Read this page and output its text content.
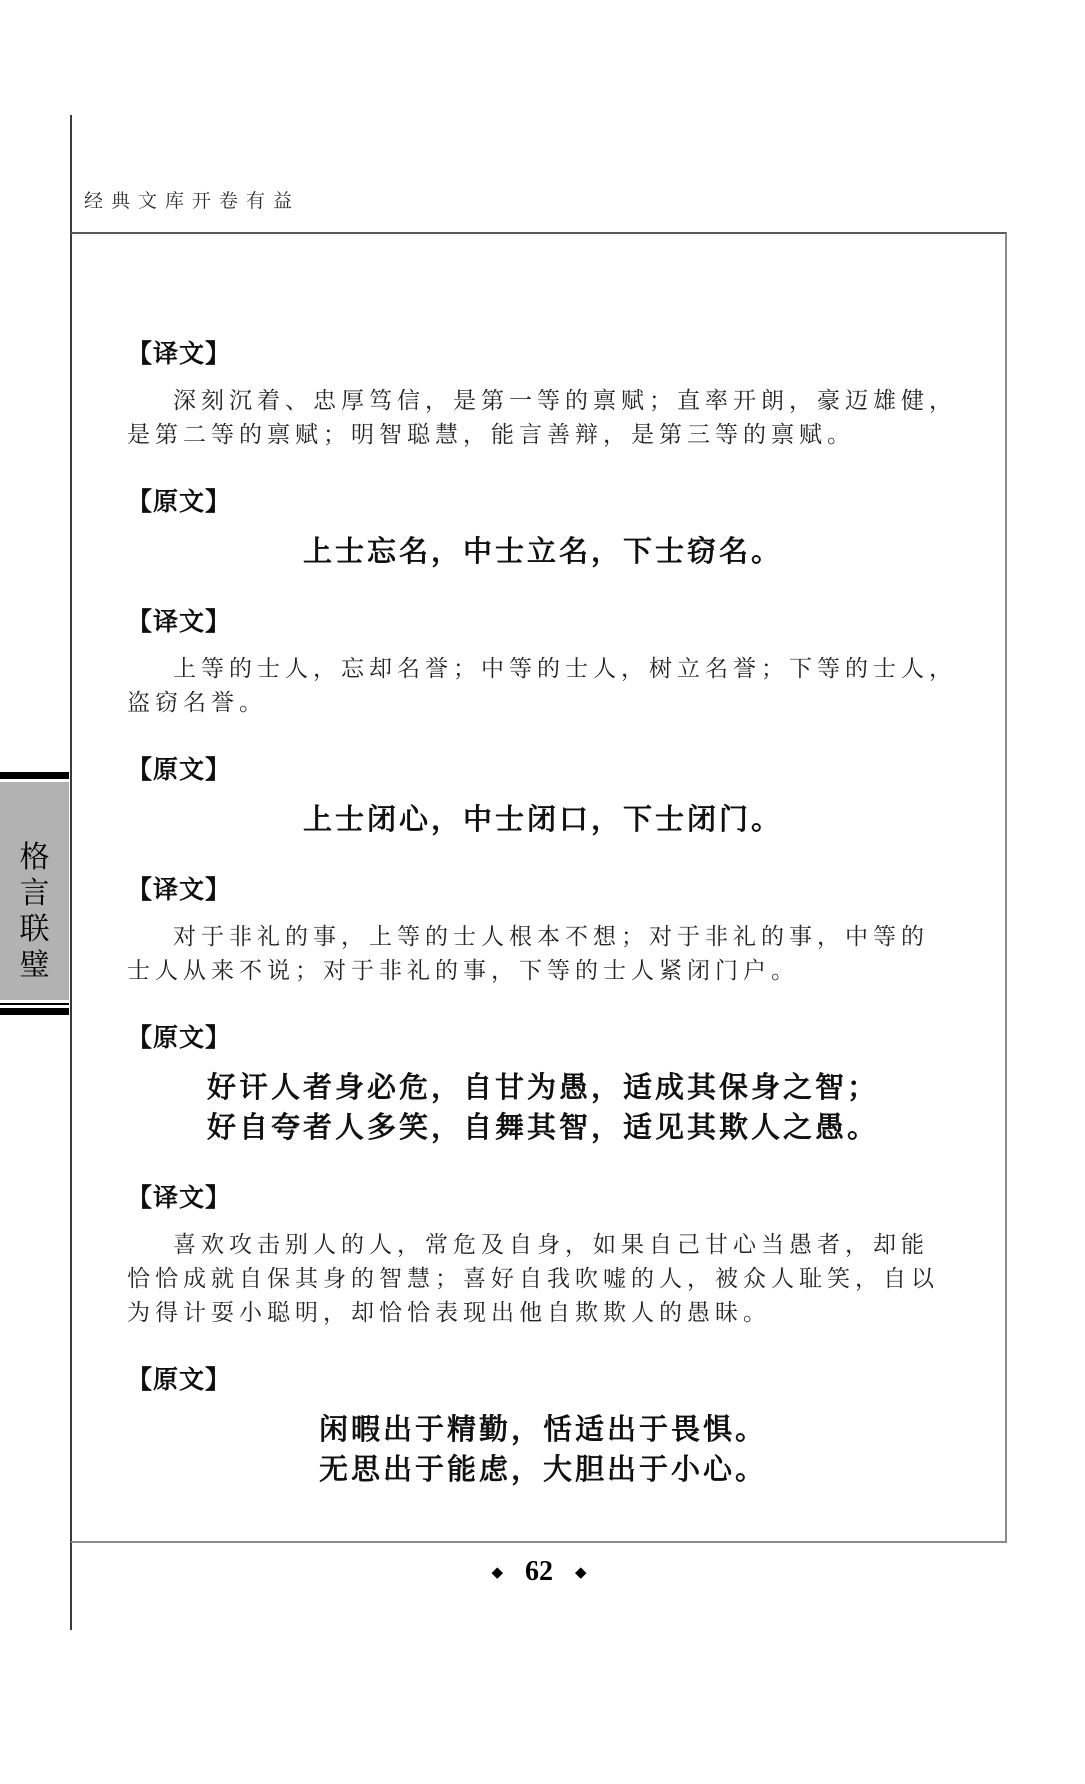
经典文库开卷有益
【译文】
深刻沉着、忠厚笃信，是第一等的禀赋；直率开朗，豪迈雄健，
是第二等的禀赋；明智聪慧，能言善辩，是第三等的禀赋。
【原文】
上士忘名，中士立名，下士窃名。
【译文】
上等的士人，忘却名誉；中等的士人，树立名誉；下等的士人，
盗窃名誉。
【原文】
上士闭心，中士闭口，下士闭门。
【译文】
对于非礼的事，上等的士人根本不想；对于非礼的事，中等的
士人从来不说；对于非礼的事，下等的士人紧闭门户。
【原文】
好讦人者身必危，自甘为愚，适成其保身之智；
好自夸者人多笑，自舞其智，适见其欺人之愚。
【译文】
喜欢攻击别人的人，常危及自身，如果自己甘心当愚者，却能
恰恰成就自保其身的智慧；喜好自我吹嘘的人，被众人耻笑，自以
为得计耍小聪明，却恰恰表现出他自欺欺人的愚昧。
【原文】
闲暇出于精勤，恬适出于畏惧。
无思出于能虑，大胆出于小心。
格
言
联
璧
◆ 62 ◆
